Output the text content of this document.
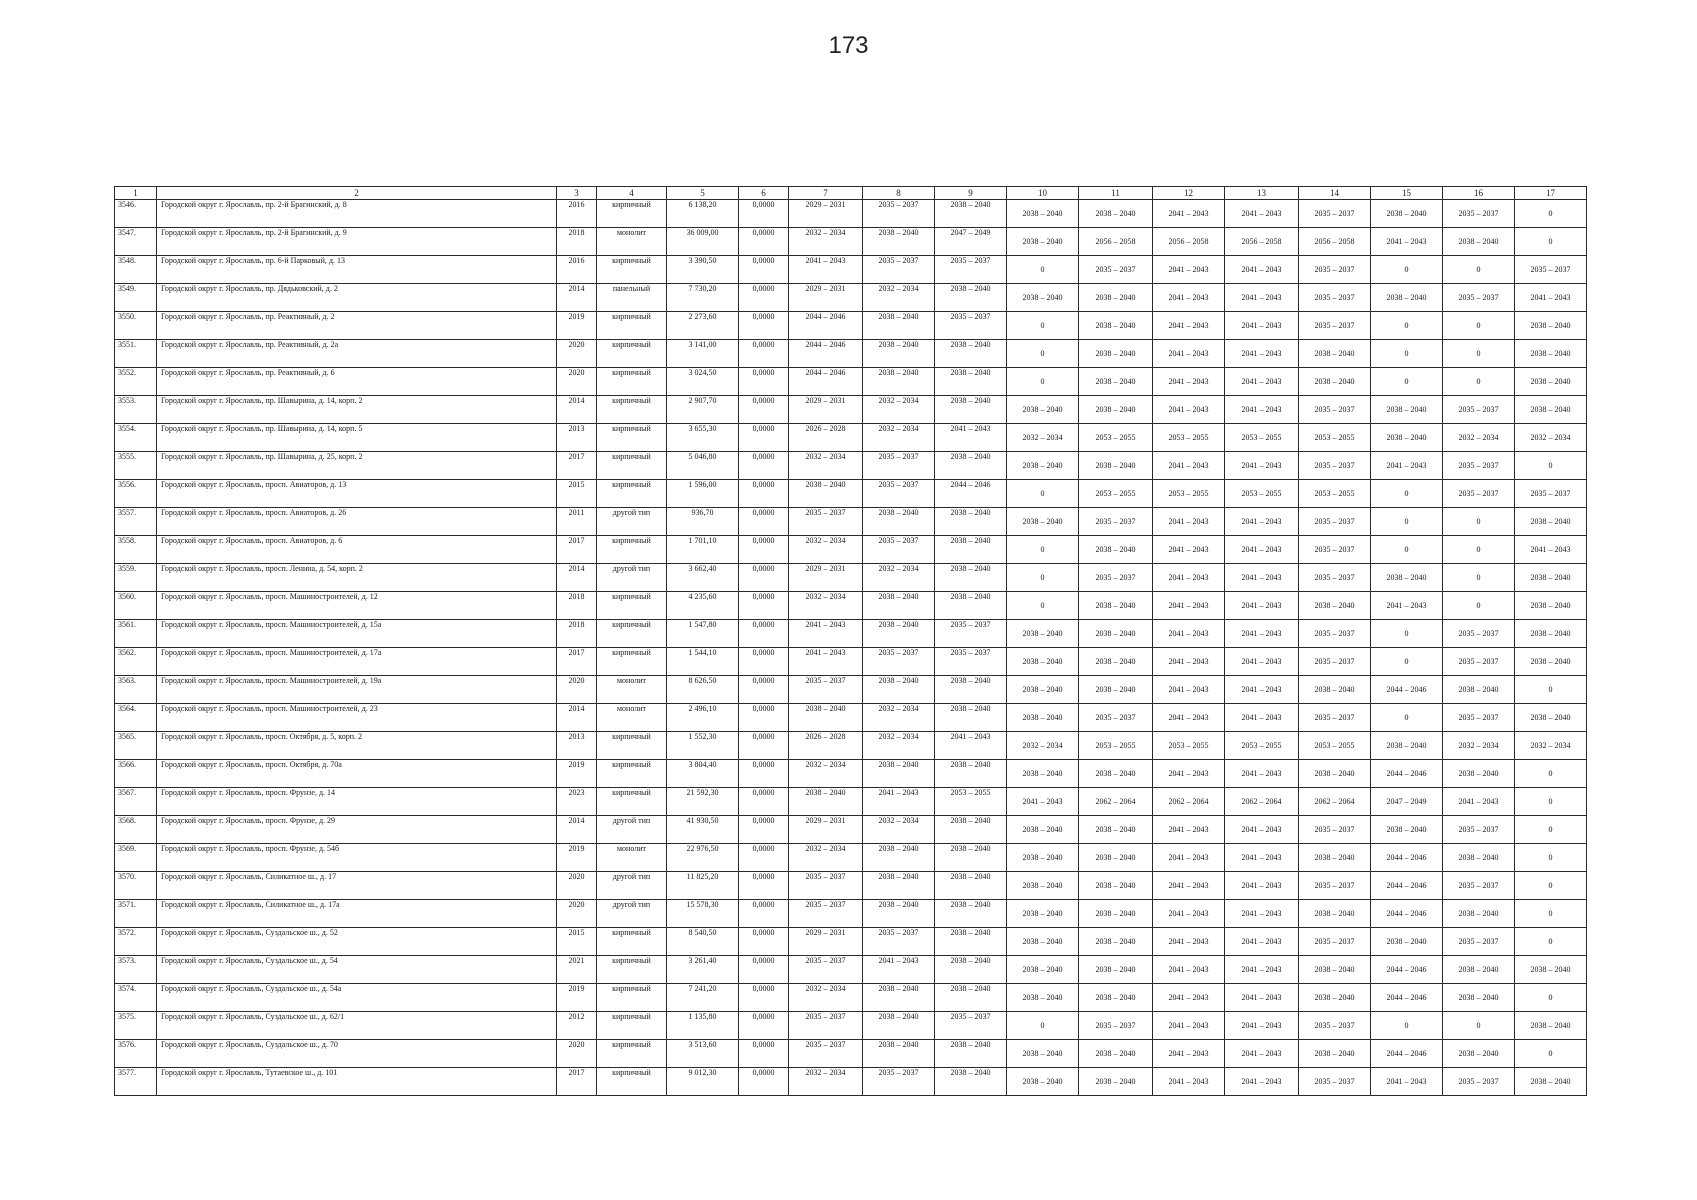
173
1	2	3	4	5	6	7	8	9	10	11	12	13	14	15	16	17
3546.	Городской округ г. Ярославль, пр. 2-й Брагинский, д. 8	2016	кирпичный	6 138,20	0,0000	2029 – 2031	2035 – 2037	2038 – 2040	2038 – 2040	2038 – 2040	2041 – 2043	2041 – 2043	2035 – 2037	2038 – 2040	2035 – 2037	0
3547.	Городской округ г. Ярославль, пр. 2-й Брагинский, д. 9	2018	монолит	36 009,00	0,0000	2032 – 2034	2038 – 2040	2047 – 2049	2038 – 2040	2056 – 2058	2056 – 2058	2056 – 2058	2056 – 2058	2041 – 2043	2038 – 2040	0
3548.	Городской округ г. Ярославль, пр. 6-й Парковый, д. 13	2016	кирпичный	3 390,50	0,0000	2041 – 2043	2035 – 2037	2035 – 2037	0	2035 – 2037	2041 – 2043	2041 – 2043	2035 – 2037	0	0	2035 – 2037
3549.	Городской округ г. Ярославль, пр. Дядьковский, д. 2	2014	панельный	7 730,20	0,0000	2029 – 2031	2032 – 2034	2038 – 2040	2038 – 2040	2038 – 2040	2041 – 2043	2041 – 2043	2035 – 2037	2038 – 2040	2035 – 2037	2041 – 2043
3550.	Городской округ г. Ярославль, пр. Реактивный, д. 2	2019	кирпичный	2 273,60	0,0000	2044 – 2046	2038 – 2040	2035 – 2037	0	2038 – 2040	2041 – 2043	2041 – 2043	2035 – 2037	0	0	2038 – 2040
3551.	Городской округ г. Ярославль, пр. Реактивный, д. 2а	2020	кирпичный	3 141,00	0,0000	2044 – 2046	2038 – 2040	2038 – 2040	0	2038 – 2040	2041 – 2043	2041 – 2043	2038 – 2040	0	0	2038 – 2040
3552.	Городской округ г. Ярославль, пр. Реактивный, д. 6	2020	кирпичный	3 024,50	0,0000	2044 – 2046	2038 – 2040	2038 – 2040	0	2038 – 2040	2041 – 2043	2041 – 2043	2038 – 2040	0	0	2038 – 2040
3553.	Городской округ г. Ярославль, пр. Шавырина, д. 14, корп. 2	2014	кирпичный	2 907,70	0,0000	2029 – 2031	2032 – 2034	2038 – 2040	2038 – 2040	2038 – 2040	2041 – 2043	2041 – 2043	2035 – 2037	2038 – 2040	2035 – 2037	2038 – 2040
3554.	Городской округ г. Ярославль, пр. Шавырина, д. 14, корп. 5	2013	кирпичный	3 655,30	0,0000	2026 – 2028	2032 – 2034	2041 – 2043	2032 – 2034	2053 – 2055	2053 – 2055	2053 – 2055	2053 – 2055	2038 – 2040	2032 – 2034	2032 – 2034
3555.	Городской округ г. Ярославль, пр. Шавырина, д. 25, корп. 2	2017	кирпичный	5 046,80	0,0000	2032 – 2034	2035 – 2037	2038 – 2040	2038 – 2040	2038 – 2040	2041 – 2043	2041 – 2043	2035 – 2037	2041 – 2043	2035 – 2037	0
3556.	Городской округ г. Ярославль, просп. Авиаторов, д. 13	2015	кирпичный	1 596,00	0,0000	2038 – 2040	2035 – 2037	2044 – 2046	0	2053 – 2055	2053 – 2055	2053 – 2055	2053 – 2055	0	2035 – 2037	2035 – 2037
3557.	Городской округ г. Ярославль, просп. Авиаторов, д. 26	2011	другой тип	936,70	0,0000	2035 – 2037	2038 – 2040	2038 – 2040	2038 – 2040	2035 – 2037	2041 – 2043	2041 – 2043	2035 – 2037	0	0	2038 – 2040
3558.	Городской округ г. Ярославль, просп. Авиаторов, д. 6	2017	кирпичный	1 701,10	0,0000	2032 – 2034	2035 – 2037	2038 – 2040	0	2038 – 2040	2041 – 2043	2041 – 2043	2035 – 2037	0	0	2041 – 2043
3559.	Городской округ г. Ярославль, просп. Ленина, д. 54, корп. 2	2014	другой тип	3 662,40	0,0000	2029 – 2031	2032 – 2034	2038 – 2040	0	2035 – 2037	2041 – 2043	2041 – 2043	2035 – 2037	2038 – 2040	0	2038 – 2040
3560.	Городской округ г. Ярославль, просп. Машиностроителей, д. 12	2018	кирпичный	4 235,60	0,0000	2032 – 2034	2038 – 2040	2038 – 2040	0	2038 – 2040	2041 – 2043	2041 – 2043	2038 – 2040	2041 – 2043	0	2038 – 2040
3561.	Городской округ г. Ярославль, просп. Машиностроителей, д. 15а	2018	кирпичный	1 547,80	0,0000	2041 – 2043	2038 – 2040	2035 – 2037	2038 – 2040	2038 – 2040	2041 – 2043	2041 – 2043	2035 – 2037	0	2035 – 2037	2038 – 2040
3562.	Городской округ г. Ярославль, просп. Машиностроителей, д. 17а	2017	кирпичный	1 544,10	0,0000	2041 – 2043	2035 – 2037	2035 – 2037	2038 – 2040	2038 – 2040	2041 – 2043	2041 – 2043	2035 – 2037	0	2035 – 2037	2038 – 2040
3563.	Городской округ г. Ярославль, просп. Машиностроителей, д. 19а	2020	монолит	8 626,50	0,0000	2035 – 2037	2038 – 2040	2038 – 2040	2038 – 2040	2038 – 2040	2041 – 2043	2041 – 2043	2038 – 2040	2044 – 2046	2038 – 2040	0
3564.	Городской округ г. Ярославль, просп. Машиностроителей, д. 23	2014	монолит	2 496,10	0,0000	2038 – 2040	2032 – 2034	2038 – 2040	2038 – 2040	2035 – 2037	2041 – 2043	2041 – 2043	2035 – 2037	0	2035 – 2037	2038 – 2040
3565.	Городской округ г. Ярославль, просп. Октября, д. 5, корп. 2	2013	кирпичный	1 552,30	0,0000	2026 – 2028	2032 – 2034	2041 – 2043	2032 – 2034	2053 – 2055	2053 – 2055	2053 – 2055	2053 – 2055	2038 – 2040	2032 – 2034	2032 – 2034
3566.	Городской округ г. Ярославль, просп. Октября, д. 70а	2019	кирпичный	3 804,40	0,0000	2032 – 2034	2038 – 2040	2038 – 2040	2038 – 2040	2038 – 2040	2041 – 2043	2041 – 2043	2038 – 2040	2044 – 2046	2038 – 2040	0
3567.	Городской округ г. Ярославль, просп. Фрунзе, д. 14	2023	кирпичный	21 592,30	0,0000	2038 – 2040	2041 – 2043	2053 – 2055	2041 – 2043	2062 – 2064	2062 – 2064	2062 – 2064	2062 – 2064	2047 – 2049	2041 – 2043	0
3568.	Городской округ г. Ярославль, просп. Фрунзе, д. 29	2014	другой тип	41 930,50	0,0000	2029 – 2031	2032 – 2034	2038 – 2040	2038 – 2040	2038 – 2040	2041 – 2043	2041 – 2043	2035 – 2037	2038 – 2040	2035 – 2037	0
3569.	Городской округ г. Ярославль, просп. Фрунзе, д. 54б	2019	монолит	22 976,50	0,0000	2032 – 2034	2038 – 2040	2038 – 2040	2038 – 2040	2038 – 2040	2041 – 2043	2041 – 2043	2038 – 2040	2044 – 2046	2038 – 2040	0
3570.	Городской округ г. Ярославль, Силикатное ш., д. 17	2020	другой тип	11 825,20	0,0000	2035 – 2037	2038 – 2040	2038 – 2040	2038 – 2040	2038 – 2040	2041 – 2043	2041 – 2043	2035 – 2037	2044 – 2046	2035 – 2037	0
3571.	Городской округ г. Ярославль, Силикатное ш., д. 17а	2020	другой тип	15 578,30	0,0000	2035 – 2037	2038 – 2040	2038 – 2040	2038 – 2040	2038 – 2040	2041 – 2043	2041 – 2043	2038 – 2040	2044 – 2046	2038 – 2040	0
3572.	Городской округ г. Ярославль, Суздальское ш., д. 52	2015	кирпичный	8 540,50	0,0000	2029 – 2031	2035 – 2037	2038 – 2040	2038 – 2040	2038 – 2040	2041 – 2043	2041 – 2043	2035 – 2037	2038 – 2040	2035 – 2037	0
3573.	Городской округ г. Ярославль, Суздальское ш., д. 54	2021	кирпичный	3 261,40	0,0000	2035 – 2037	2041 – 2043	2038 – 2040	2038 – 2040	2038 – 2040	2041 – 2043	2041 – 2043	2038 – 2040	2044 – 2046	2038 – 2040	2038 – 2040
3574.	Городской округ г. Ярославль, Суздальское ш., д. 54а	2019	кирпичный	7 241,20	0,0000	2032 – 2034	2038 – 2040	2038 – 2040	2038 – 2040	2038 – 2040	2041 – 2043	2041 – 2043	2038 – 2040	2044 – 2046	2038 – 2040	0
3575.	Городской округ г. Ярославль, Суздальское ш., д. 62/1	2012	кирпичный	1 135,80	0,0000	2035 – 2037	2038 – 2040	2035 – 2037	0	2035 – 2037	2041 – 2043	2041 – 2043	2035 – 2037	0	0	2038 – 2040
3576.	Городской округ г. Ярославль, Суздальское ш., д. 70	2020	кирпичный	3 513,60	0,0000	2035 – 2037	2038 – 2040	2038 – 2040	2038 – 2040	2038 – 2040	2041 – 2043	2041 – 2043	2038 – 2040	2044 – 2046	2038 – 2040	0
3577.	Городской округ г. Ярославль, Тутаевское ш., д. 101	2017	кирпичный	9 012,30	0,0000	2032 – 2034	2035 – 2037	2038 – 2040	2038 – 2040	2038 – 2040	2041 – 2043	2041 – 2043	2035 – 2037	2041 – 2043	2035 – 2037	2038 – 2040
